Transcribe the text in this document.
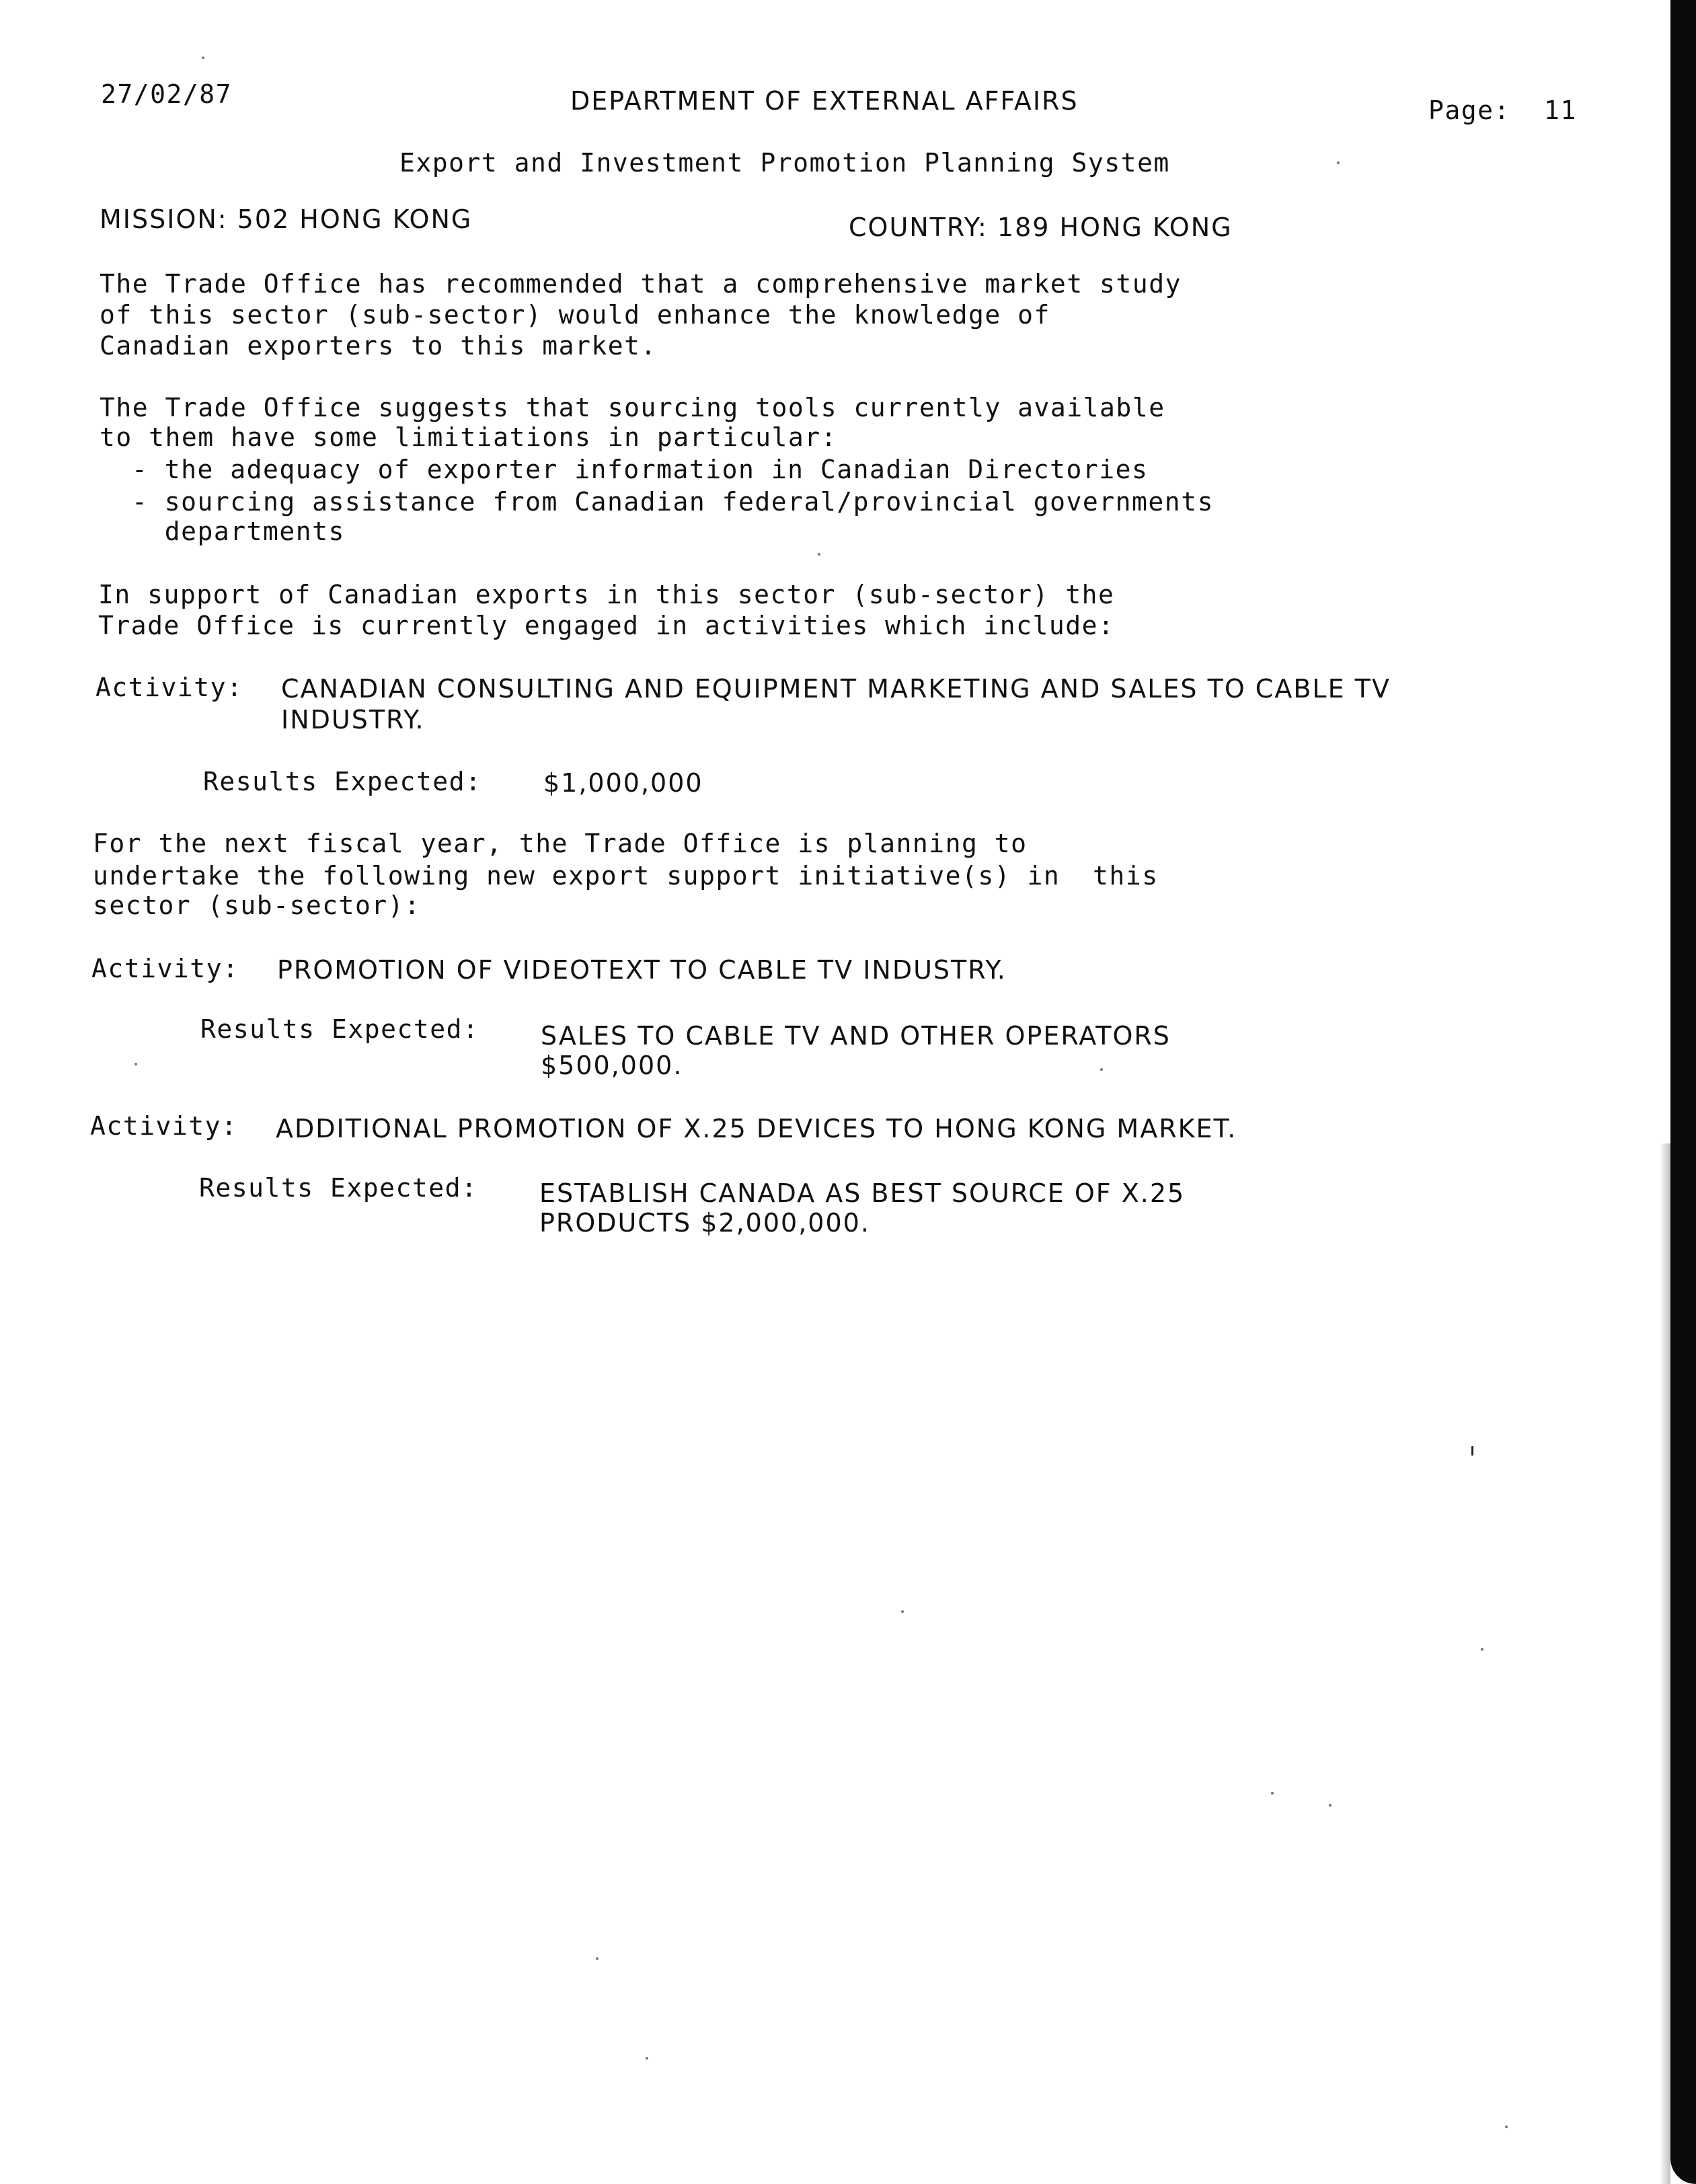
27/02/87	DEPARTMENT OF EXTERNAL AFFAIRS	Page: 11
Export and Investment Promotion Planning System
MISSION: 502 HONG KONG	COUNTRY: 189 HONG KONG
The Trade Office has recommended that a comprehensive market study
of this sector (sub-sector) would enhance the knowledge of
Canadian exporters to this market.
The Trade Office suggests that sourcing tools currently available
to them have some limitiations in particular:
- the adequacy of exporter information in Canadian Directories
- sourcing assistance from Canadian federal/provincial governments
departments
In support of Canadian exports in this sector (sub-sector) the
Trade Office is currently engaged in activities which include:
Activity: CANADIAN CONSULTING AND EQUIPMENT MARKETING AND SALES TO CABLE TV
INDUSTRY.
Results Expected: $1,000,000
For the next fiscal year, the Trade Office is planning to
undertake the following new export support initiative(s) in  this
sector (sub-sector):
Activity: PROMOTION OF VIDEOTEXT TO CABLE TV INDUSTRY.
Results Expected: SALES TO CABLE TV AND OTHER OPERATORS
$500,000.
Activity: ADDITIONAL PROMOTION OF X.25 DEVICES TO HONG KONG MARKET.
Results Expected: ESTABLISH CANADA AS BEST SOURCE OF X.25
PRODUCTS $2,000,000.
